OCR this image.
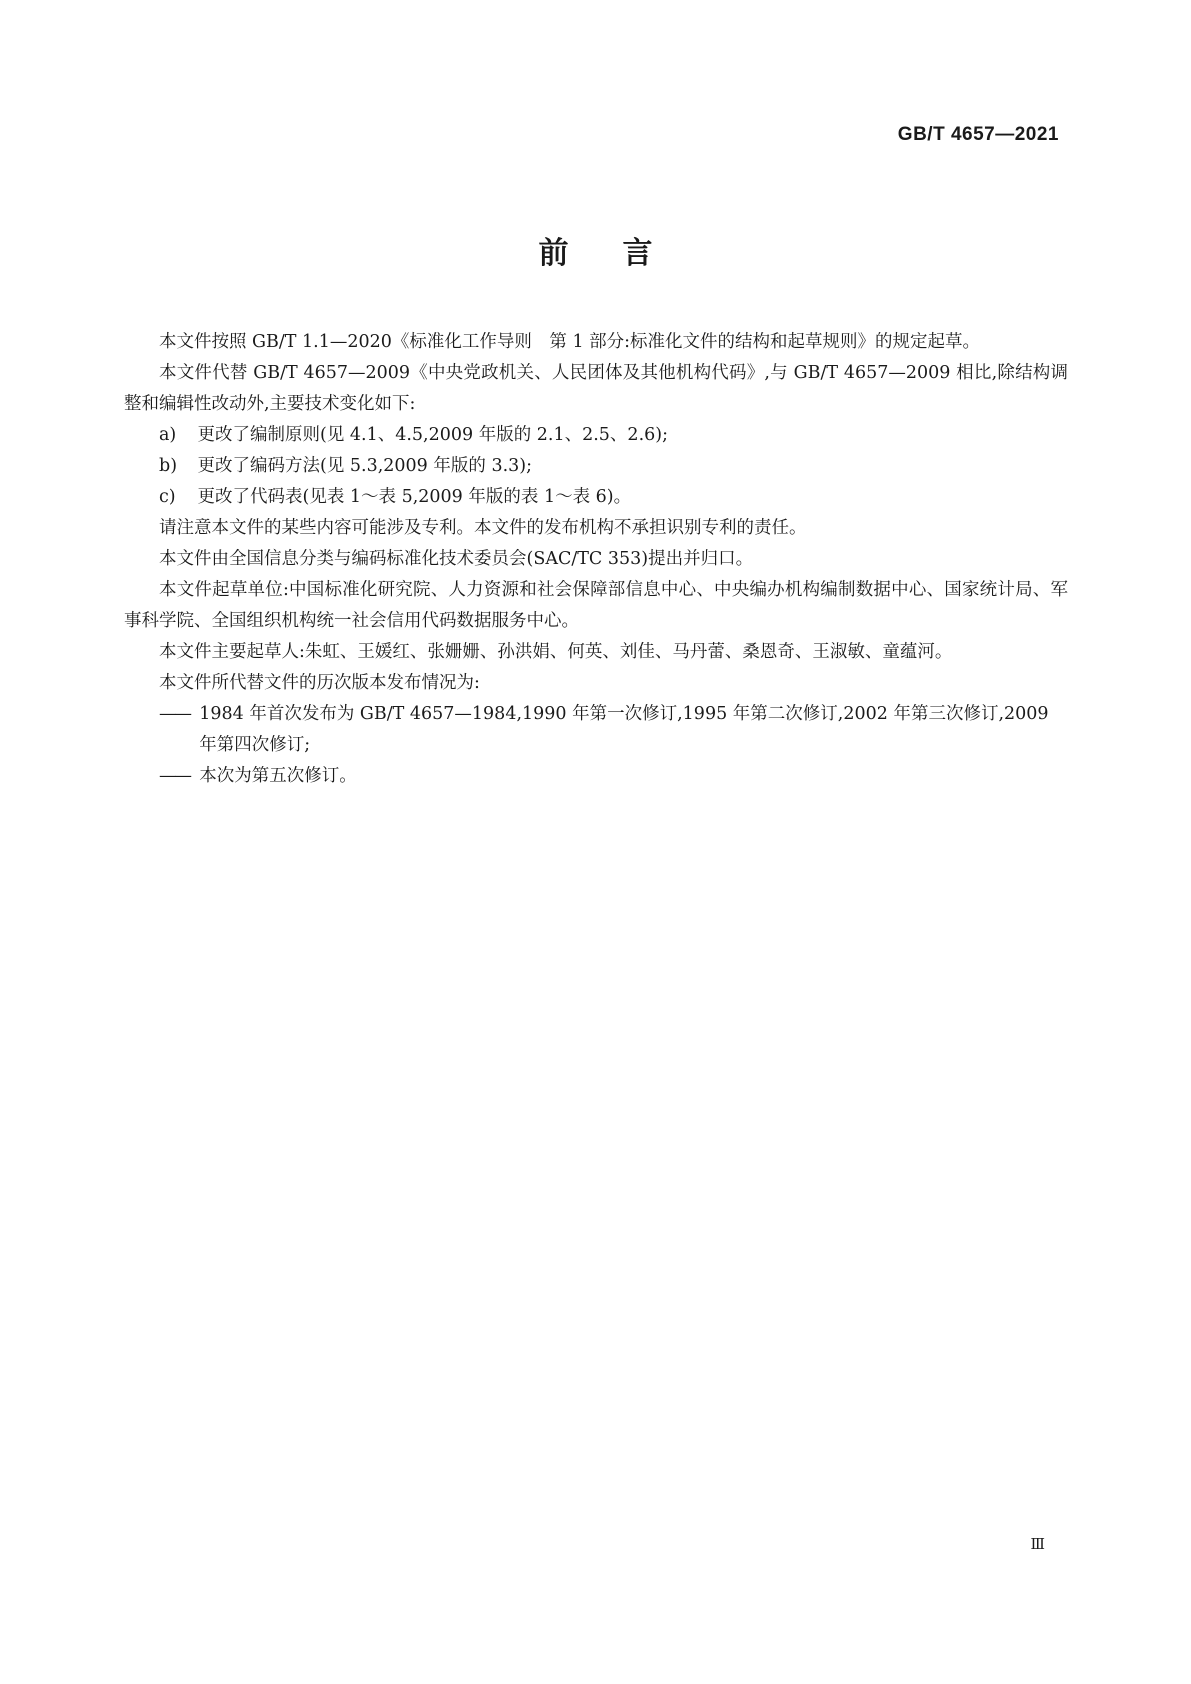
GB/T 4657—2021
前言

本文件按照 GB/T 1.1—2020《标准化工作导则　第 1 部分:标准化文件的结构和起草规则》的规定起草。

本文件代替 GB/T 4657—2009《中央党政机关、人民团体及其他机构代码》,与 GB/T 4657—2009 相比,除结构调整和编辑性改动外,主要技术变化如下:

a) 更改了编制原则(见 4.1、4.5,2009 年版的 2.1、2.5、2.6);
b) 更改了编码方法(见 5.3,2009 年版的 3.3);
c) 更改了代码表(见表 1～表 5,2009 年版的表 1～表 6)。

请注意本文件的某些内容可能涉及专利。本文件的发布机构不承担识别专利的责任。

本文件由全国信息分类与编码标准化技术委员会(SAC/TC 353)提出并归口。

本文件起草单位:中国标准化研究院、人力资源和社会保障部信息中心、中央编办机构编制数据中心、国家统计局、军事科学院、全国组织机构统一社会信用代码数据服务中心。

本文件主要起草人:朱虹、王媛红、张姗姗、孙洪娟、何英、刘佳、马丹蕾、桑恩奇、王淑敏、童蕴河。

本文件所代替文件的历次版本发布情况为:

—— 1984 年首次发布为 GB/T 4657—1984,1990 年第一次修订,1995 年第二次修订,2002 年第三次修订,2009 年第四次修订;
—— 本次为第五次修订。
Ⅲ
